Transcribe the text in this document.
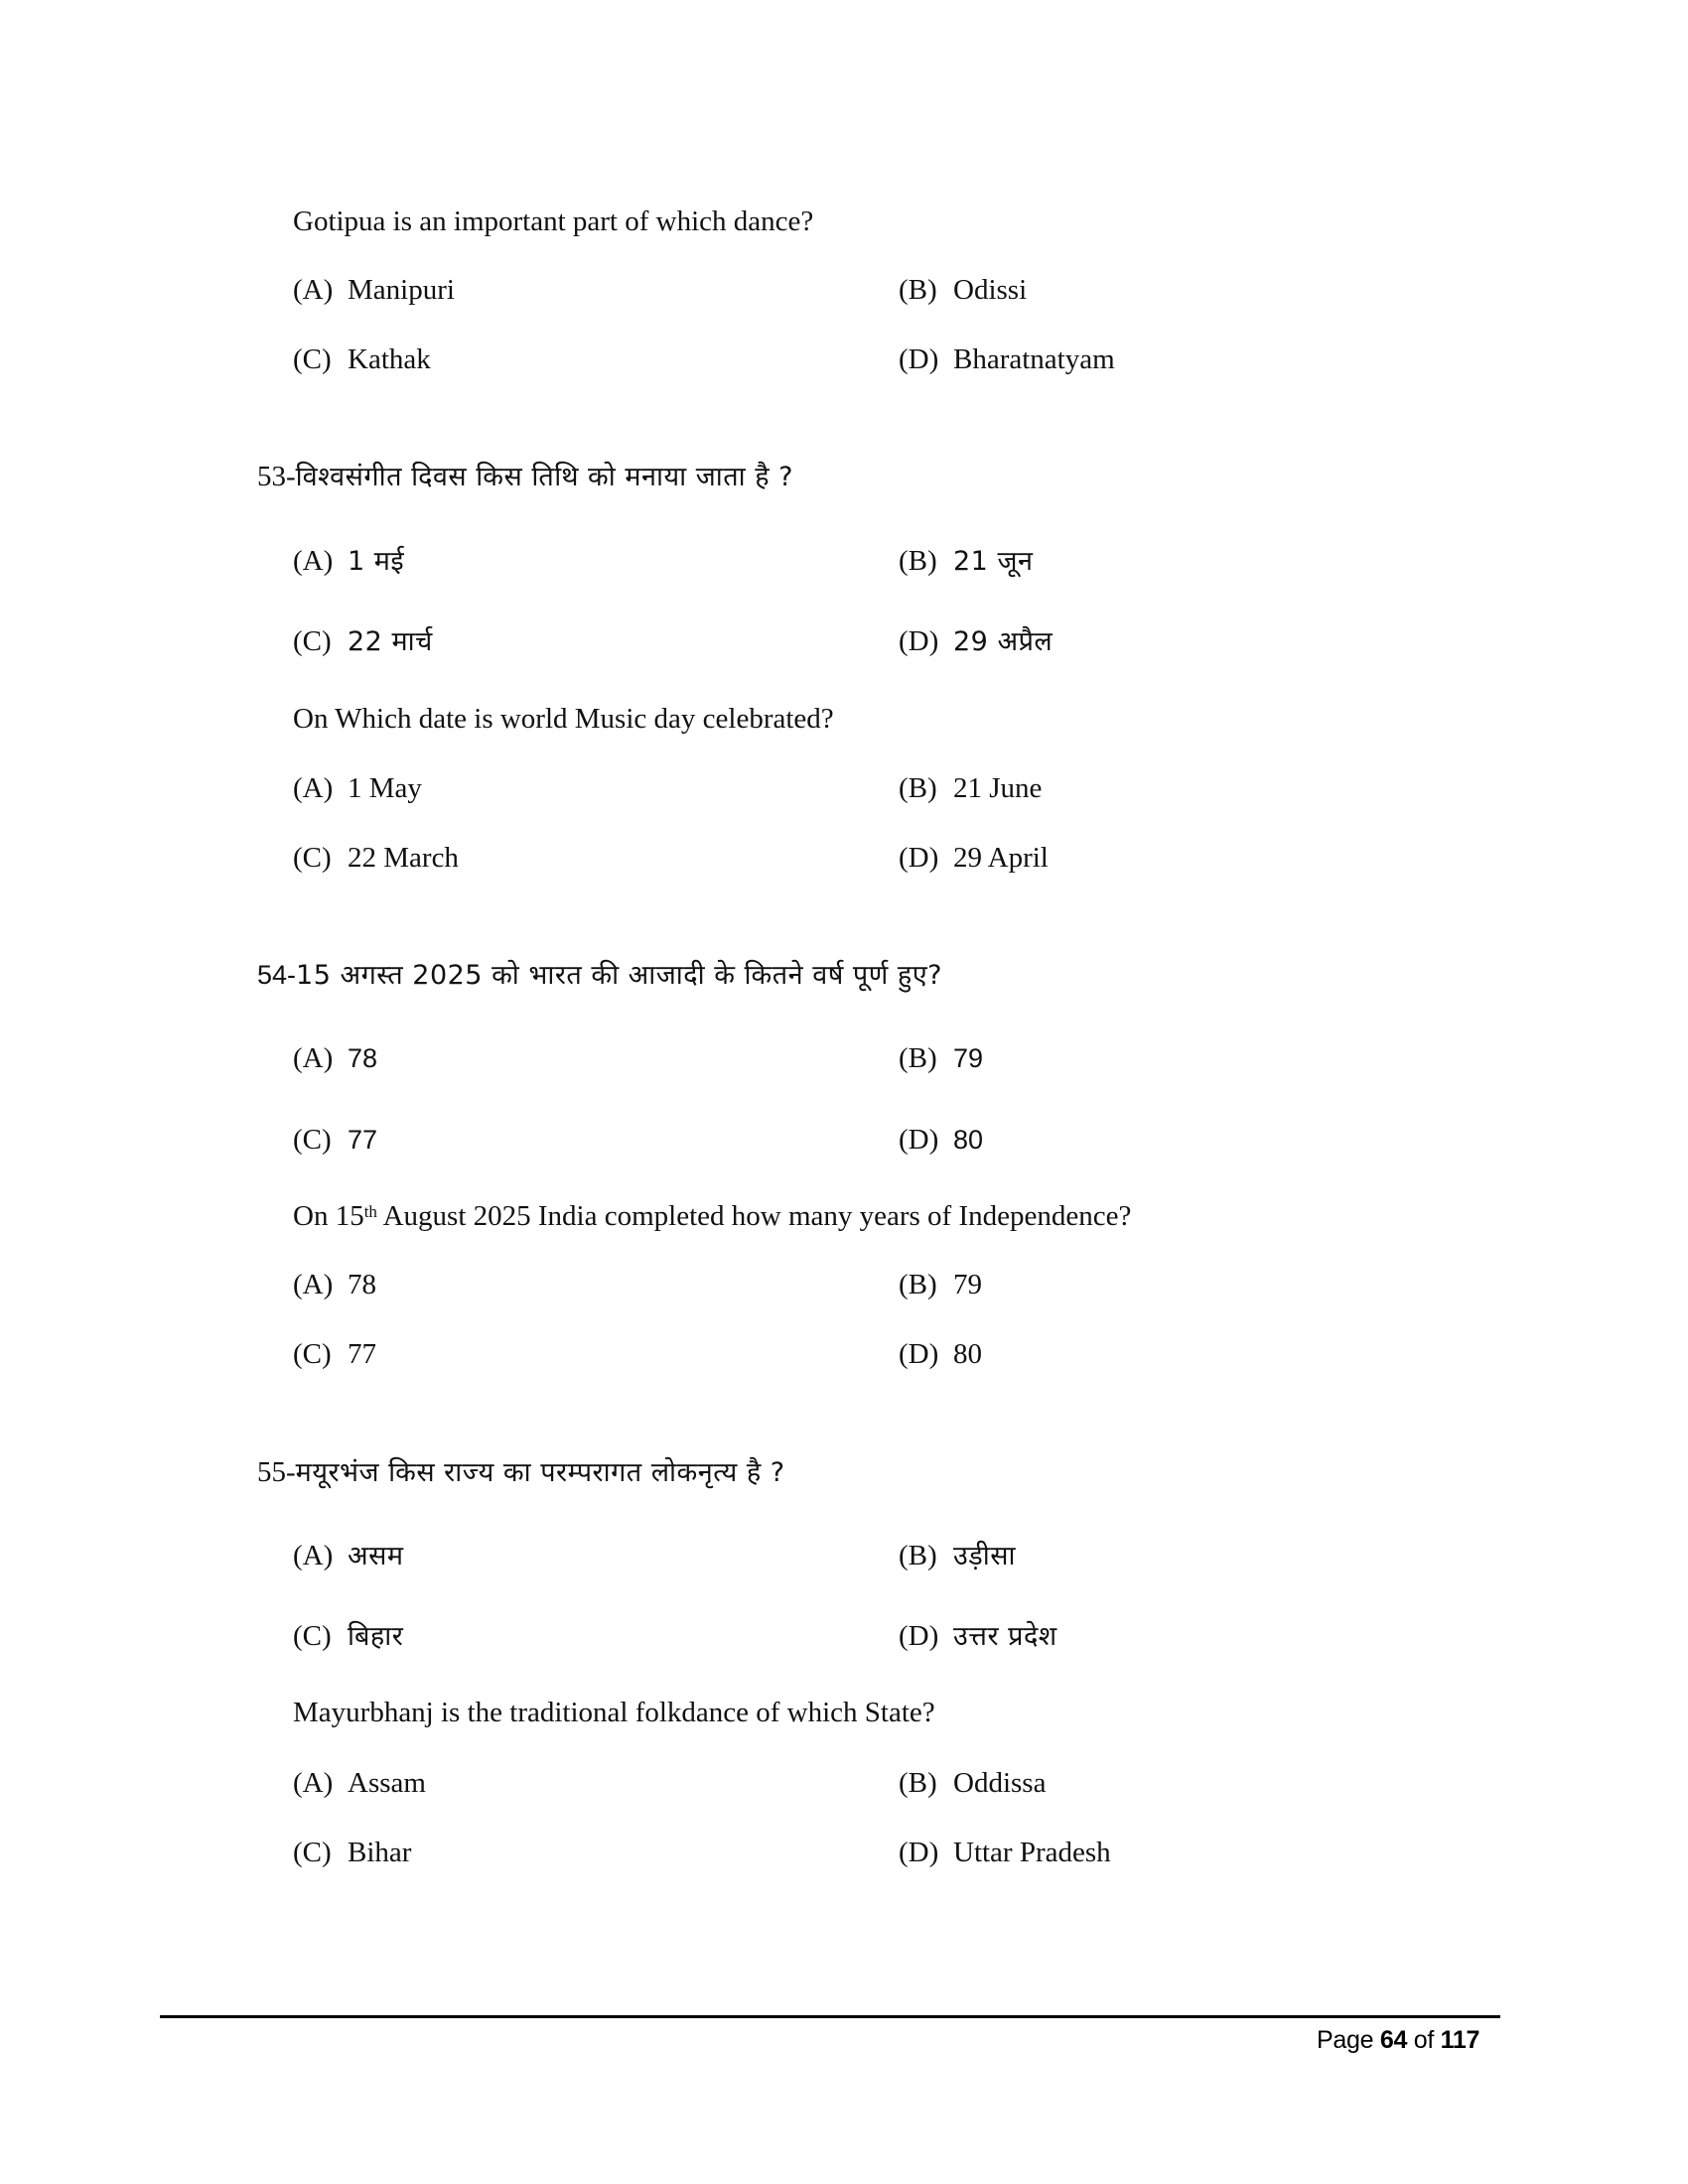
Gotipua is an important part of which dance?
(A) Manipuri	(B) Odissi
(C) Kathak	(D) Bharatnatyam
53-विश्वसंगीत दिवस किस तिथि को मनाया जाता है ?
(A) 1 मई	(B) 21 जून
(C) 22 मार्च	(D) 29 अप्रैल
On Which date is world Music day celebrated?
(A) 1 May	(B) 21 June
(C) 22 March	(D) 29 April
54-15 अगस्त 2025 को भारत की आजादी के कितने वर्ष पूर्ण हुए?
(A) 78	(B) 79
(C) 77	(D) 80
On 15th August 2025 India completed how many years of Independence?
(A) 78	(B) 79
(C) 77	(D) 80
55-मयूरभंज किस राज्य का परम्परागत लोकनृत्य है ?
(A) असम	(B) उड़ीसा
(C) बिहार	(D) उत्तर प्रदेश
Mayurbhanj is the traditional folkdance of which State?
(A) Assam	(B) Oddissa
(C) Bihar	(D) Uttar Pradesh
Page 64 of 117
